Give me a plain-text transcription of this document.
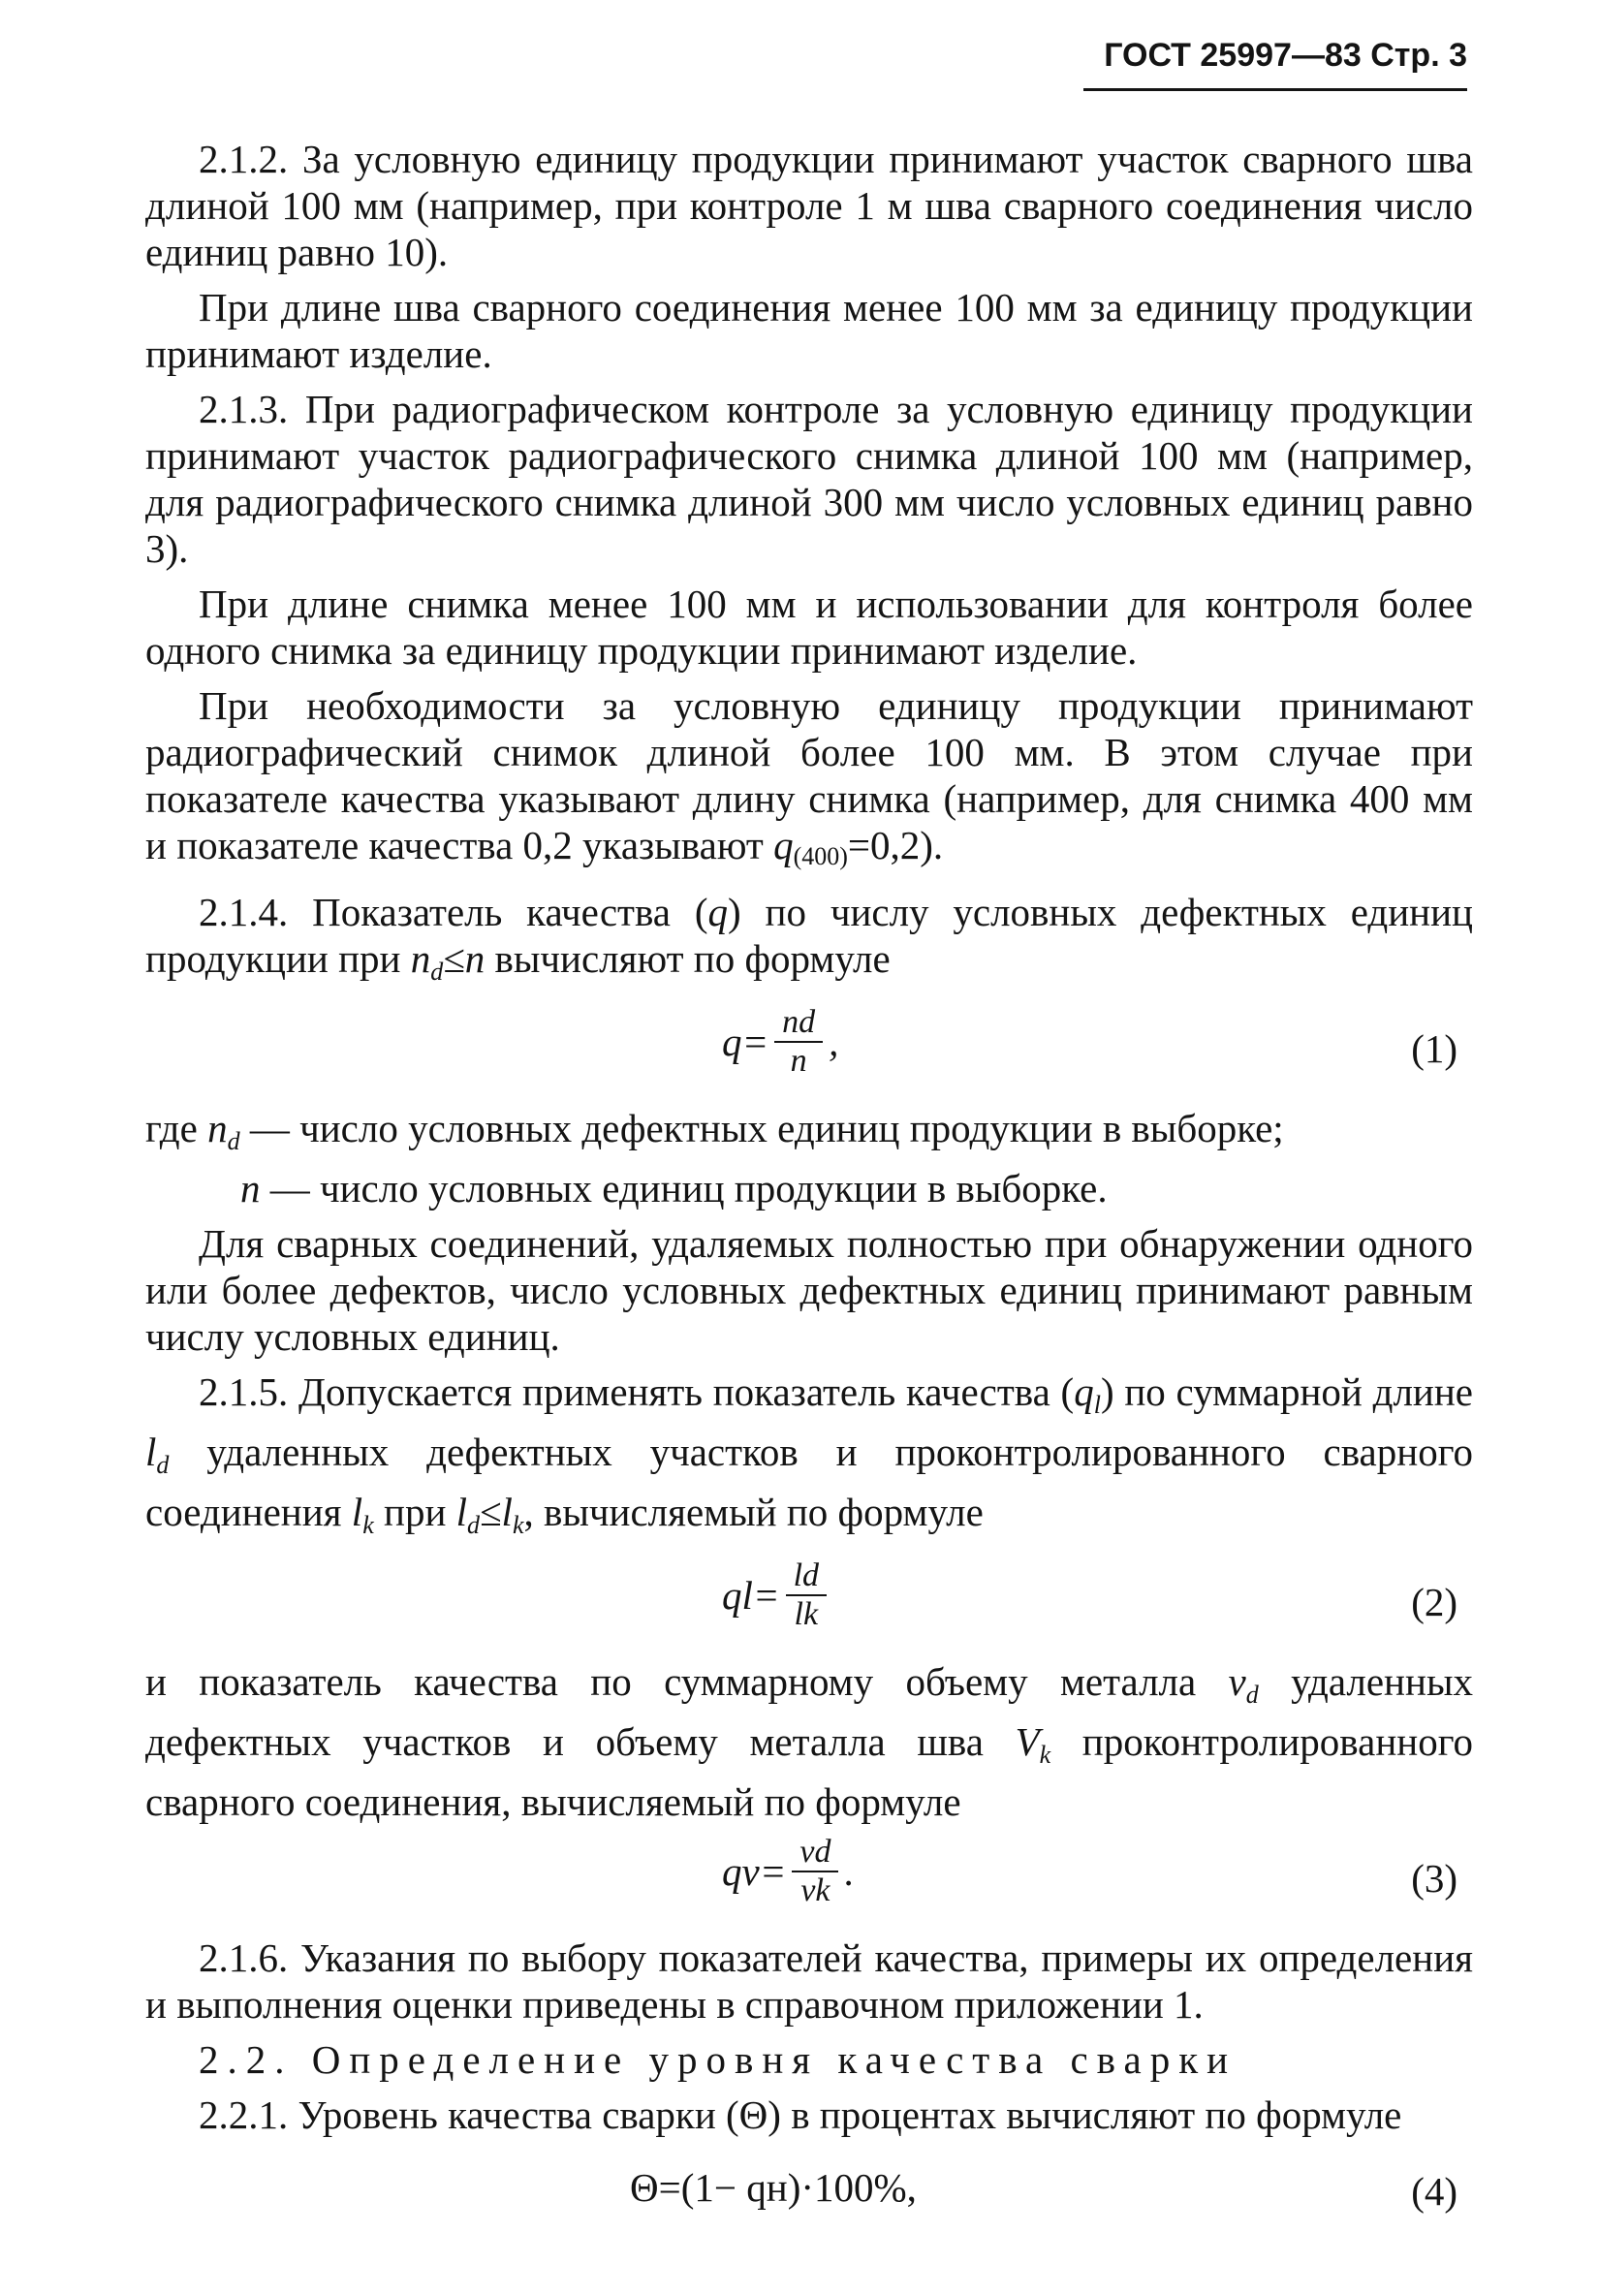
ГОСТ 25997—83 Стр. 3

2.1.2. За условную единицу продукции принимают участок сварного шва длиной 100 мм (например, при контроле 1 м шва сварного соединения число единиц равно 10).

При длине шва сварного соединения менее 100 мм за единицу продукции принимают изделие.

2.1.3. При радиографическом контроле за условную единицу продукции принимают участок радиографического снимка длиной 100 мм (например, для радиографического снимка длиной 300 мм число условных единиц равно 3).

При длине снимка менее 100 мм и использовании для контроля более одного снимка за единицу продукции принимают изделие.

При необходимости за условную единицу продукции принимают радиографический снимок длиной более 100 мм. В этом случае при показателе качества указывают длину снимка (например, для снимка 400 мм и показателе качества 0,2 указывают q(400)=0,2).

2.1.4. Показатель качества (q) по числу условных дефектных единиц продукции при $n_d\le n$ вычисляют по формуле

$q= \frac{nd}{n}$ ,	(1)

где $n_d$ — число условных дефектных единиц продукции в выборке;

n — число условных единиц продукции в выборке.

Для сварных соединений, удаляемых полностью при обнаружении одного или более дефектов, число условных дефектных единиц принимают равным числу условных единиц.

2.1.5. Допускается применять показатель качества $(q_l)$ по суммарной длине $l_d$ удаленных дефектных участков и проконтролированного сварного соединения $l_k$ при $l_d\le l_k$, вычисляемый по формуле

$ql= \frac{ld}{lk}$	(2)

и показатель качества по суммарному объему металла $v_d$ удаленных дефектных участков и объему металла шва $V_k$ проконтролированного сварного соединения, вычисляемый по формуле

$qv= \frac{vd}{vk}$ .	(3)

2.1.6. Указания по выбору показателей качества, примеры их определения и выполнения оценки приведены в справочном приложении 1.

2.2. Определение уровня качества сварки

2.2.1. Уровень качества сварки (Θ) в процентах вычисляют по формуле

Θ=(1− qн)·100%,	(4)
